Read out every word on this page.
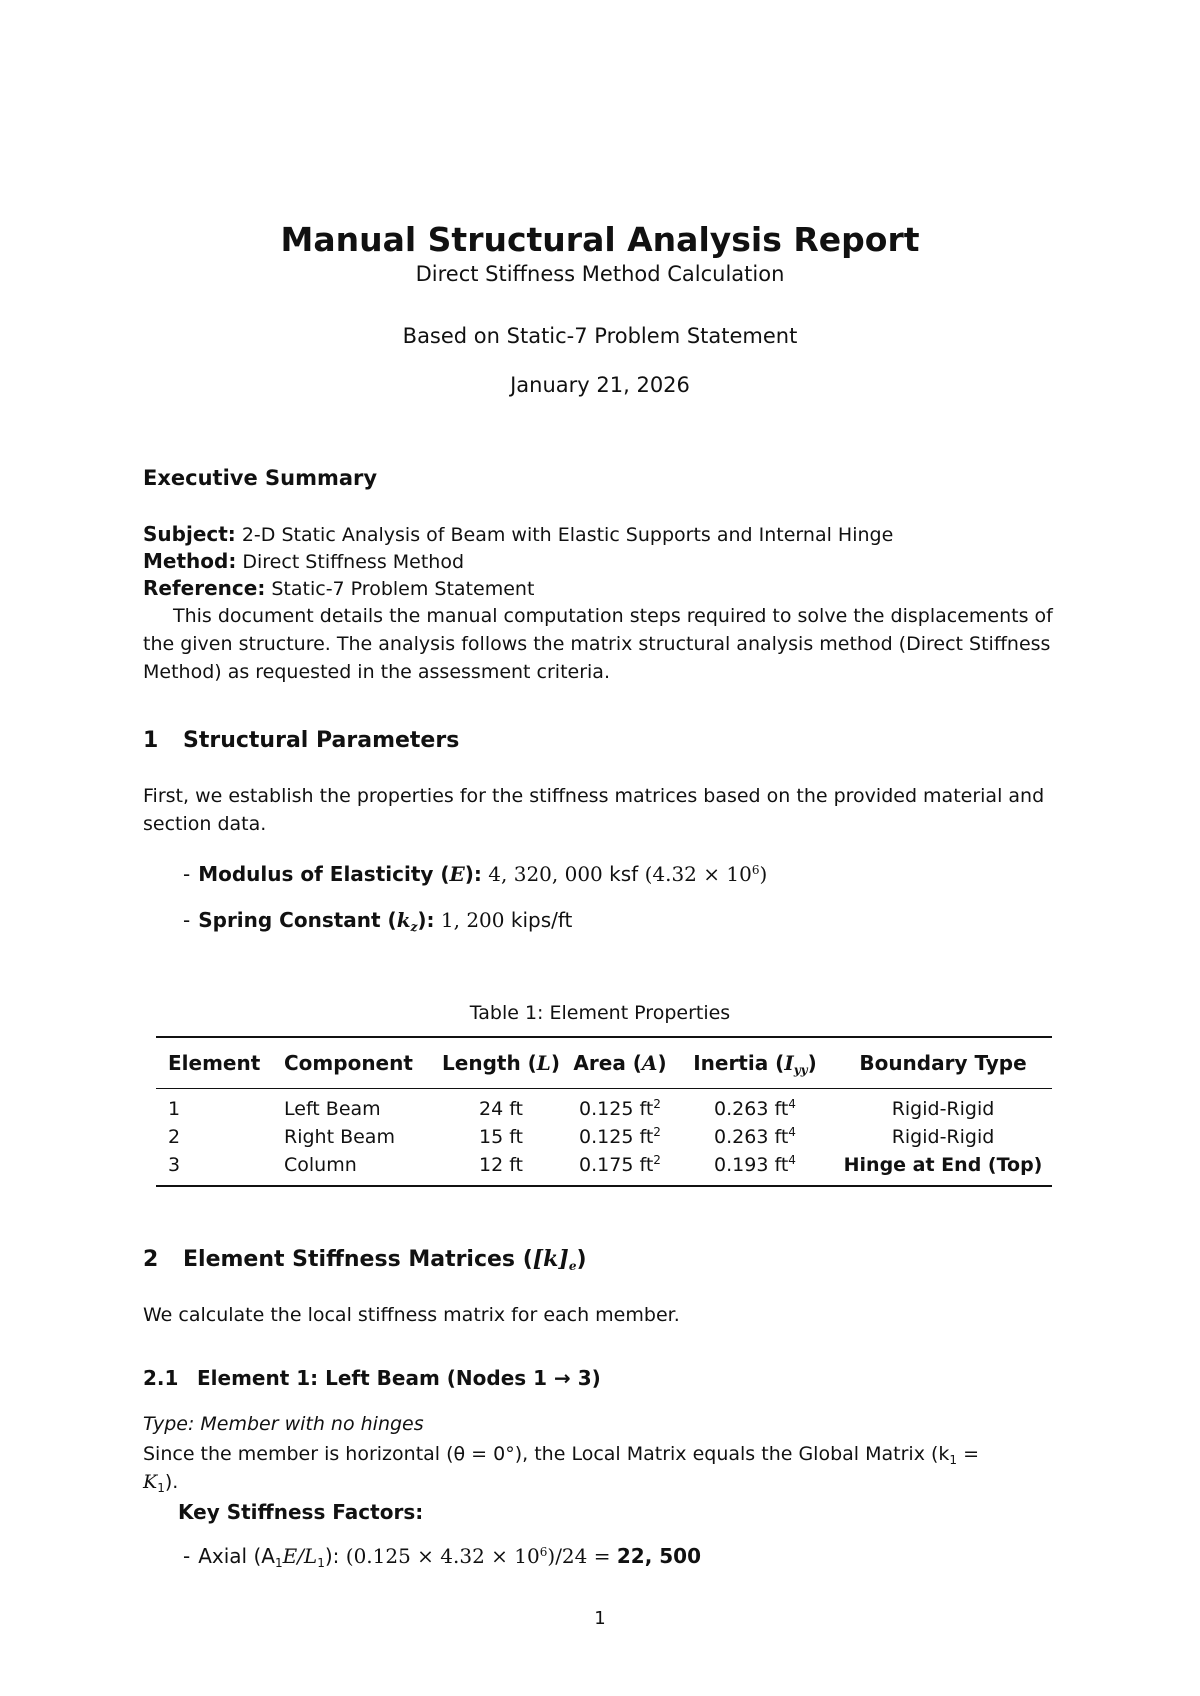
Manual Structural Analysis Report
Direct Stiffness Method Calculation
Based on Static-7 Problem Statement
January 21, 2026
Executive Summary
Subject: 2-D Static Analysis of Beam with Elastic Supports and Internal Hinge
Method: Direct Stiffness Method
Reference: Static-7 Problem Statement
This document details the manual computation steps required to solve the displacements of the given structure. The analysis follows the matrix structural analysis method (Direct Stiffness Method) as requested in the assessment criteria.
1 Structural Parameters
First, we establish the properties for the stiffness matrices based on the provided material and section data.
- Modulus of Elasticity (E): 4, 320, 000 ksf $(4.32 \times 10^6)$
- Spring Constant $(k_z)$: 1, 200 kips/ft
Table 1: Element Properties
Element	Component	Length (L)	Area (A)	Inertia $(I_{yy})$	Boundary Type
1	Left Beam	24 ft	0.125 $ft^2$	0.263 $ft^4$	Rigid-Rigid
2	Right Beam	15 ft	0.125 $ft^2$	0.263 $ft^4$	Rigid-Rigid
3	Column	12 ft	0.175 $ft^2$	0.193 $ft^4$	Hinge at End (Top)
2 Element Stiffness Matrices $([k]_e)$
We calculate the local stiffness matrix for each member.
2.1 Element 1: Left Beam (Nodes 1 → 3)
Type: Member with no hinges
Since the member is horizontal (θ = 0°), the Local Matrix equals the Global Matrix ($k_1$ =
$K_1$).
Key Stiffness Factors:
- Axial $(A_1E/L_1)$: $(0.125 \times 4.32 \times 10^6)/24 = 22$, 500
1
